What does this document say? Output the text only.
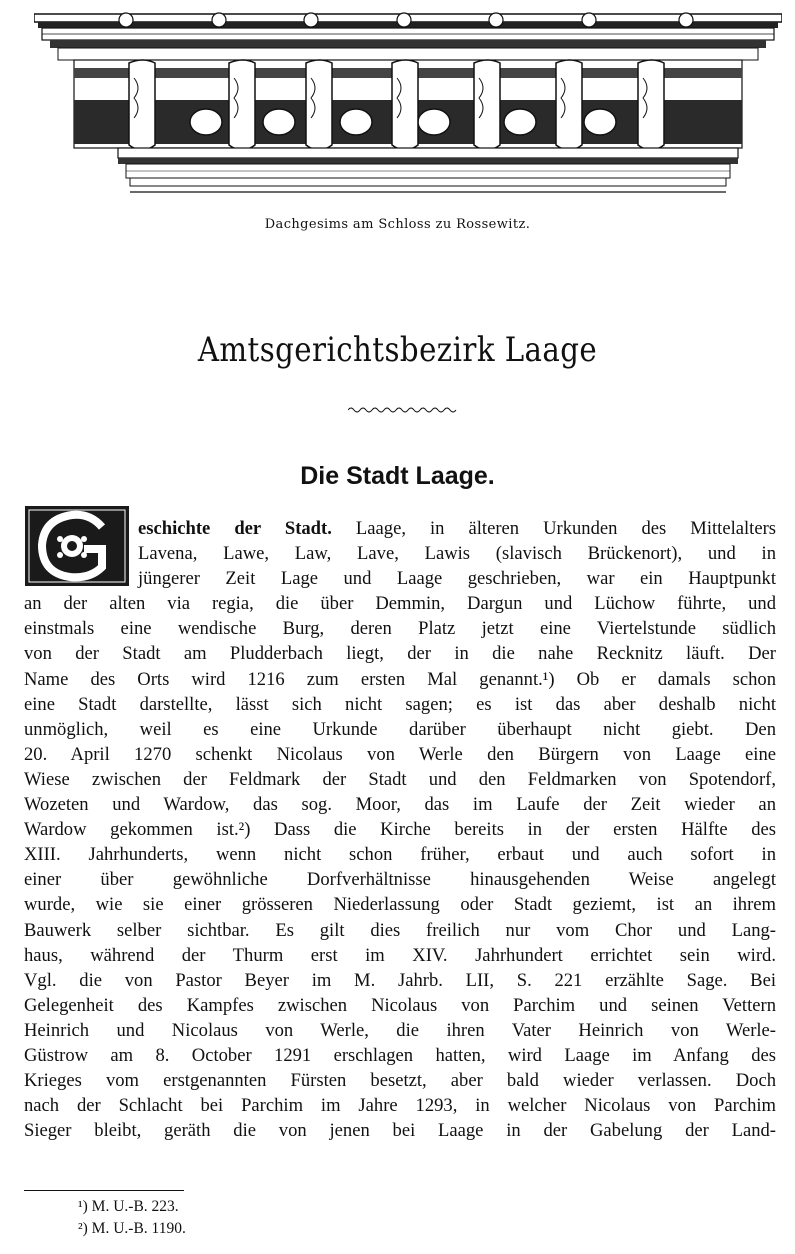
Dachgesims am Schloss zu Rossewitz.
Amtsgerichtsbezirk Laage
Die Stadt Laage.
eschichte der Stadt. Laage, in älteren Urkunden des Mittelalters
Lavena, Lawe, Law, Lave, Lawis (slavisch Brückenort), und in
jüngerer Zeit Lage und Laage geschrieben, war ein Hauptpunkt
an der alten via regia, die über Demmin, Dargun und Lüchow führte, und
einstmals eine wendische Burg, deren Platz jetzt eine Viertelstunde südlich
von der Stadt am Pludderbach liegt, der in die nahe Recknitz läuft. Der
Name des Orts wird 1216 zum ersten Mal genannt.¹) Ob er damals schon
eine Stadt darstellte, lässt sich nicht sagen; es ist das aber deshalb nicht
unmöglich, weil es eine Urkunde darüber überhaupt nicht giebt. Den
20. April 1270 schenkt Nicolaus von Werle den Bürgern von Laage eine
Wiese zwischen der Feldmark der Stadt und den Feldmarken von Spotendorf,
Wozeten und Wardow, das sog. Moor, das im Laufe der Zeit wieder an
Wardow gekommen ist.²) Dass die Kirche bereits in der ersten Hälfte des
XIII. Jahrhunderts, wenn nicht schon früher, erbaut und auch sofort in
einer über gewöhnliche Dorfverhältnisse hinausgehenden Weise angelegt
wurde, wie sie einer grösseren Niederlassung oder Stadt geziemt, ist an ihrem
Bauwerk selber sichtbar. Es gilt dies freilich nur vom Chor und Lang-
haus, während der Thurm erst im XIV. Jahrhundert errichtet sein wird.
Vgl. die von Pastor Beyer im M. Jahrb. LII, S. 221 erzählte Sage. Bei
Gelegenheit des Kampfes zwischen Nicolaus von Parchim und seinen Vettern
Heinrich und Nicolaus von Werle, die ihren Vater Heinrich von Werle-
Güstrow am 8. October 1291 erschlagen hatten, wird Laage im Anfang des
Krieges vom erstgenannten Fürsten besetzt, aber bald wieder verlassen. Doch
nach der Schlacht bei Parchim im Jahre 1293, in welcher Nicolaus von Parchim
Sieger bleibt, geräth die von jenen bei Laage in der Gabelung der Land-
¹) M. U.-B. 223.
²) M. U.-B. 1190.
